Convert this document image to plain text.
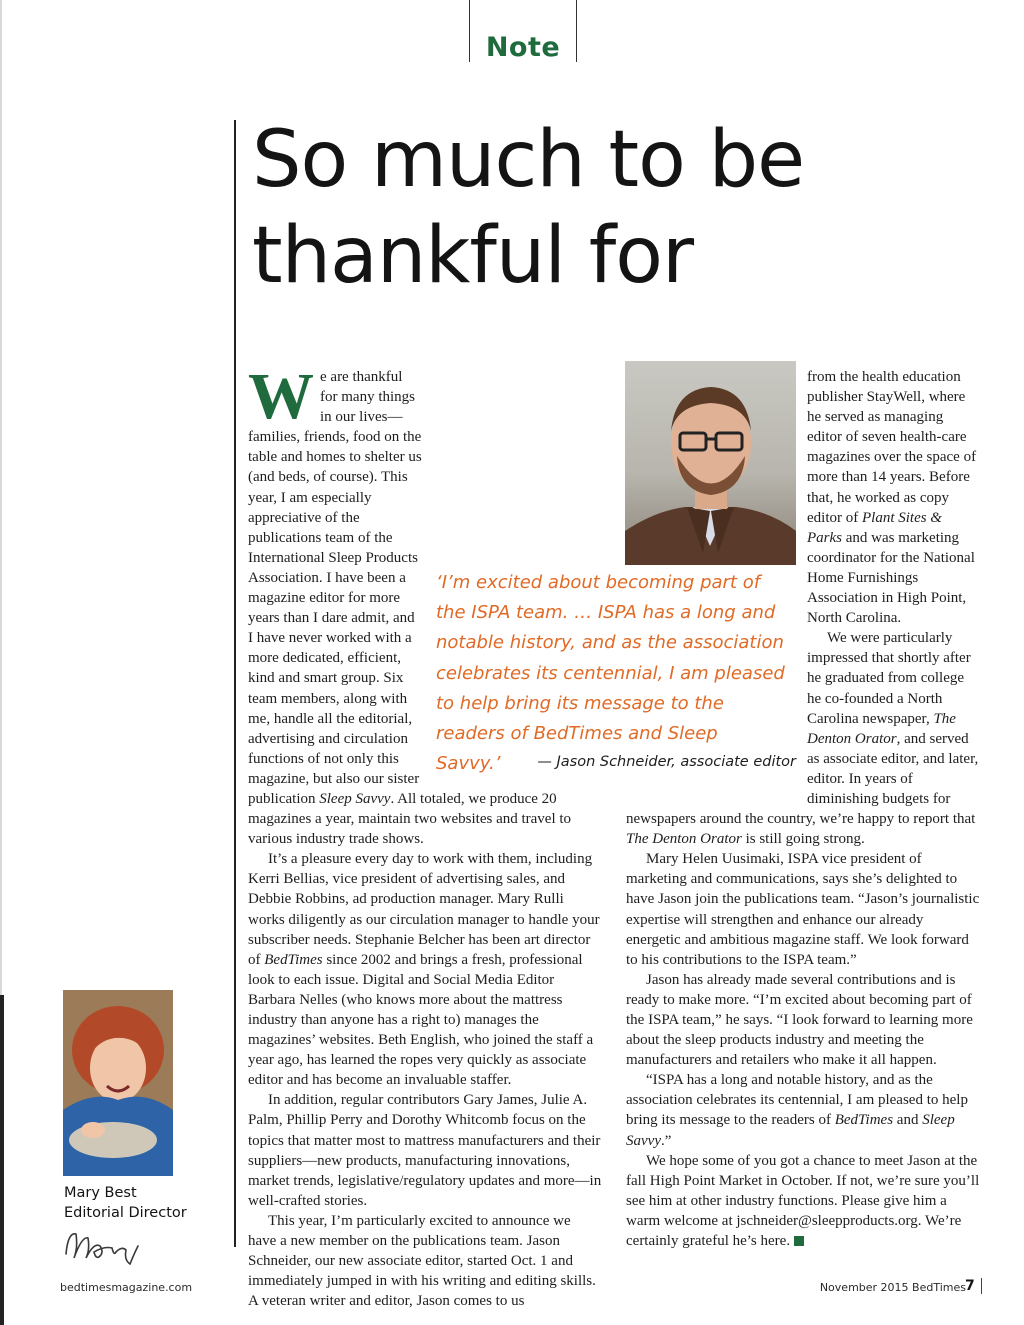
Note
So much to be thankful for

We are thankful for many things in our lives—families, friends, food on the table and homes to shelter us (and beds, of course). This year, I am especially appreciative of the publications team of the International Sleep Products Association. I have been a magazine editor for more years than I dare admit, and I have never worked with a more dedicated, efficient, kind and smart group. Six team members, along with me, handle all the editorial, advertising and circulation functions of not only this magazine, but also our sister publication Sleep Savvy. All totaled, we produce 20 magazines a year, maintain two websites and travel to various industry trade shows.

It’s a pleasure every day to work with them, including Kerri Bellias, vice president of advertising sales, and Debbie Robbins, ad production manager. Mary Rulli works diligently as our circulation manager to handle your subscriber needs. Stephanie Belcher has been art director of BedTimes since 2002 and brings a fresh, professional look to each issue. Digital and Social Media Editor Barbara Nelles (who knows more about the mattress industry than anyone has a right to) manages the magazines’ websites. Beth English, who joined the staff a year ago, has learned the ropes very quickly as associate editor and has become an invaluable staffer.

In addition, regular contributors Gary James, Julie A. Palm, Phillip Perry and Dorothy Whitcomb focus on the topics that matter most to mattress manufacturers and their suppliers—new products, manufacturing innovations, market trends, legislative/regulatory updates and more—in well-crafted stories.

This year, I’m particularly excited to announce we have a new member on the publications team. Jason Schneider, our new associate editor, started Oct. 1 and immediately jumped in with his writing and editing skills. A veteran writer and editor, Jason comes to us

from the health education publisher StayWell, where he served as managing editor of seven health-care magazines over the space of more than 14 years. Before that, he worked as copy editor of Plant Sites & Parks and was marketing coordinator for the National Home Furnishings Association in High Point, North Carolina.

We were particularly impressed that shortly after he graduated from college he co-founded a North Carolina newspaper, The Denton Orator, and served as associate editor, and later, editor. In years of diminishing budgets for newspapers around the country, we’re happy to report that The Denton Orator is still going strong.

Mary Helen Uusimaki, ISPA vice president of marketing and communications, says she’s delighted to have Jason join the publications team. “Jason’s journalistic expertise will strengthen and enhance our already energetic and ambitious magazine staff. We look forward to his contributions to the ISPA team.”

Jason has already made several contributions and is ready to make more. “I’m excited about becoming part of the ISPA team,” he says. “I look forward to learning more about the sleep products industry and meeting the manufacturers and retailers who make it all happen.

“ISPA has a long and notable history, and as the association celebrates its centennial, I am pleased to help bring its message to the readers of BedTimes and Sleep Savvy.”

We hope some of you got a chance to meet Jason at the fall High Point Market in October. If not, we’re sure you’ll see him at other industry functions. Please give him a warm welcome at jschneider@sleepproducts.org. We’re certainly grateful he’s here.

‘I’m excited about becoming part of the ISPA team. … ISPA has a long and notable history, and as the association celebrates its centennial, I am pleased to help bring its message to the readers of BedTimes and Sleep Savvy.’	— Jason Schneider, associate editor
Mary Best
Editorial Director
bedtimesmagazine.com	November 2015 BedTimes 7
